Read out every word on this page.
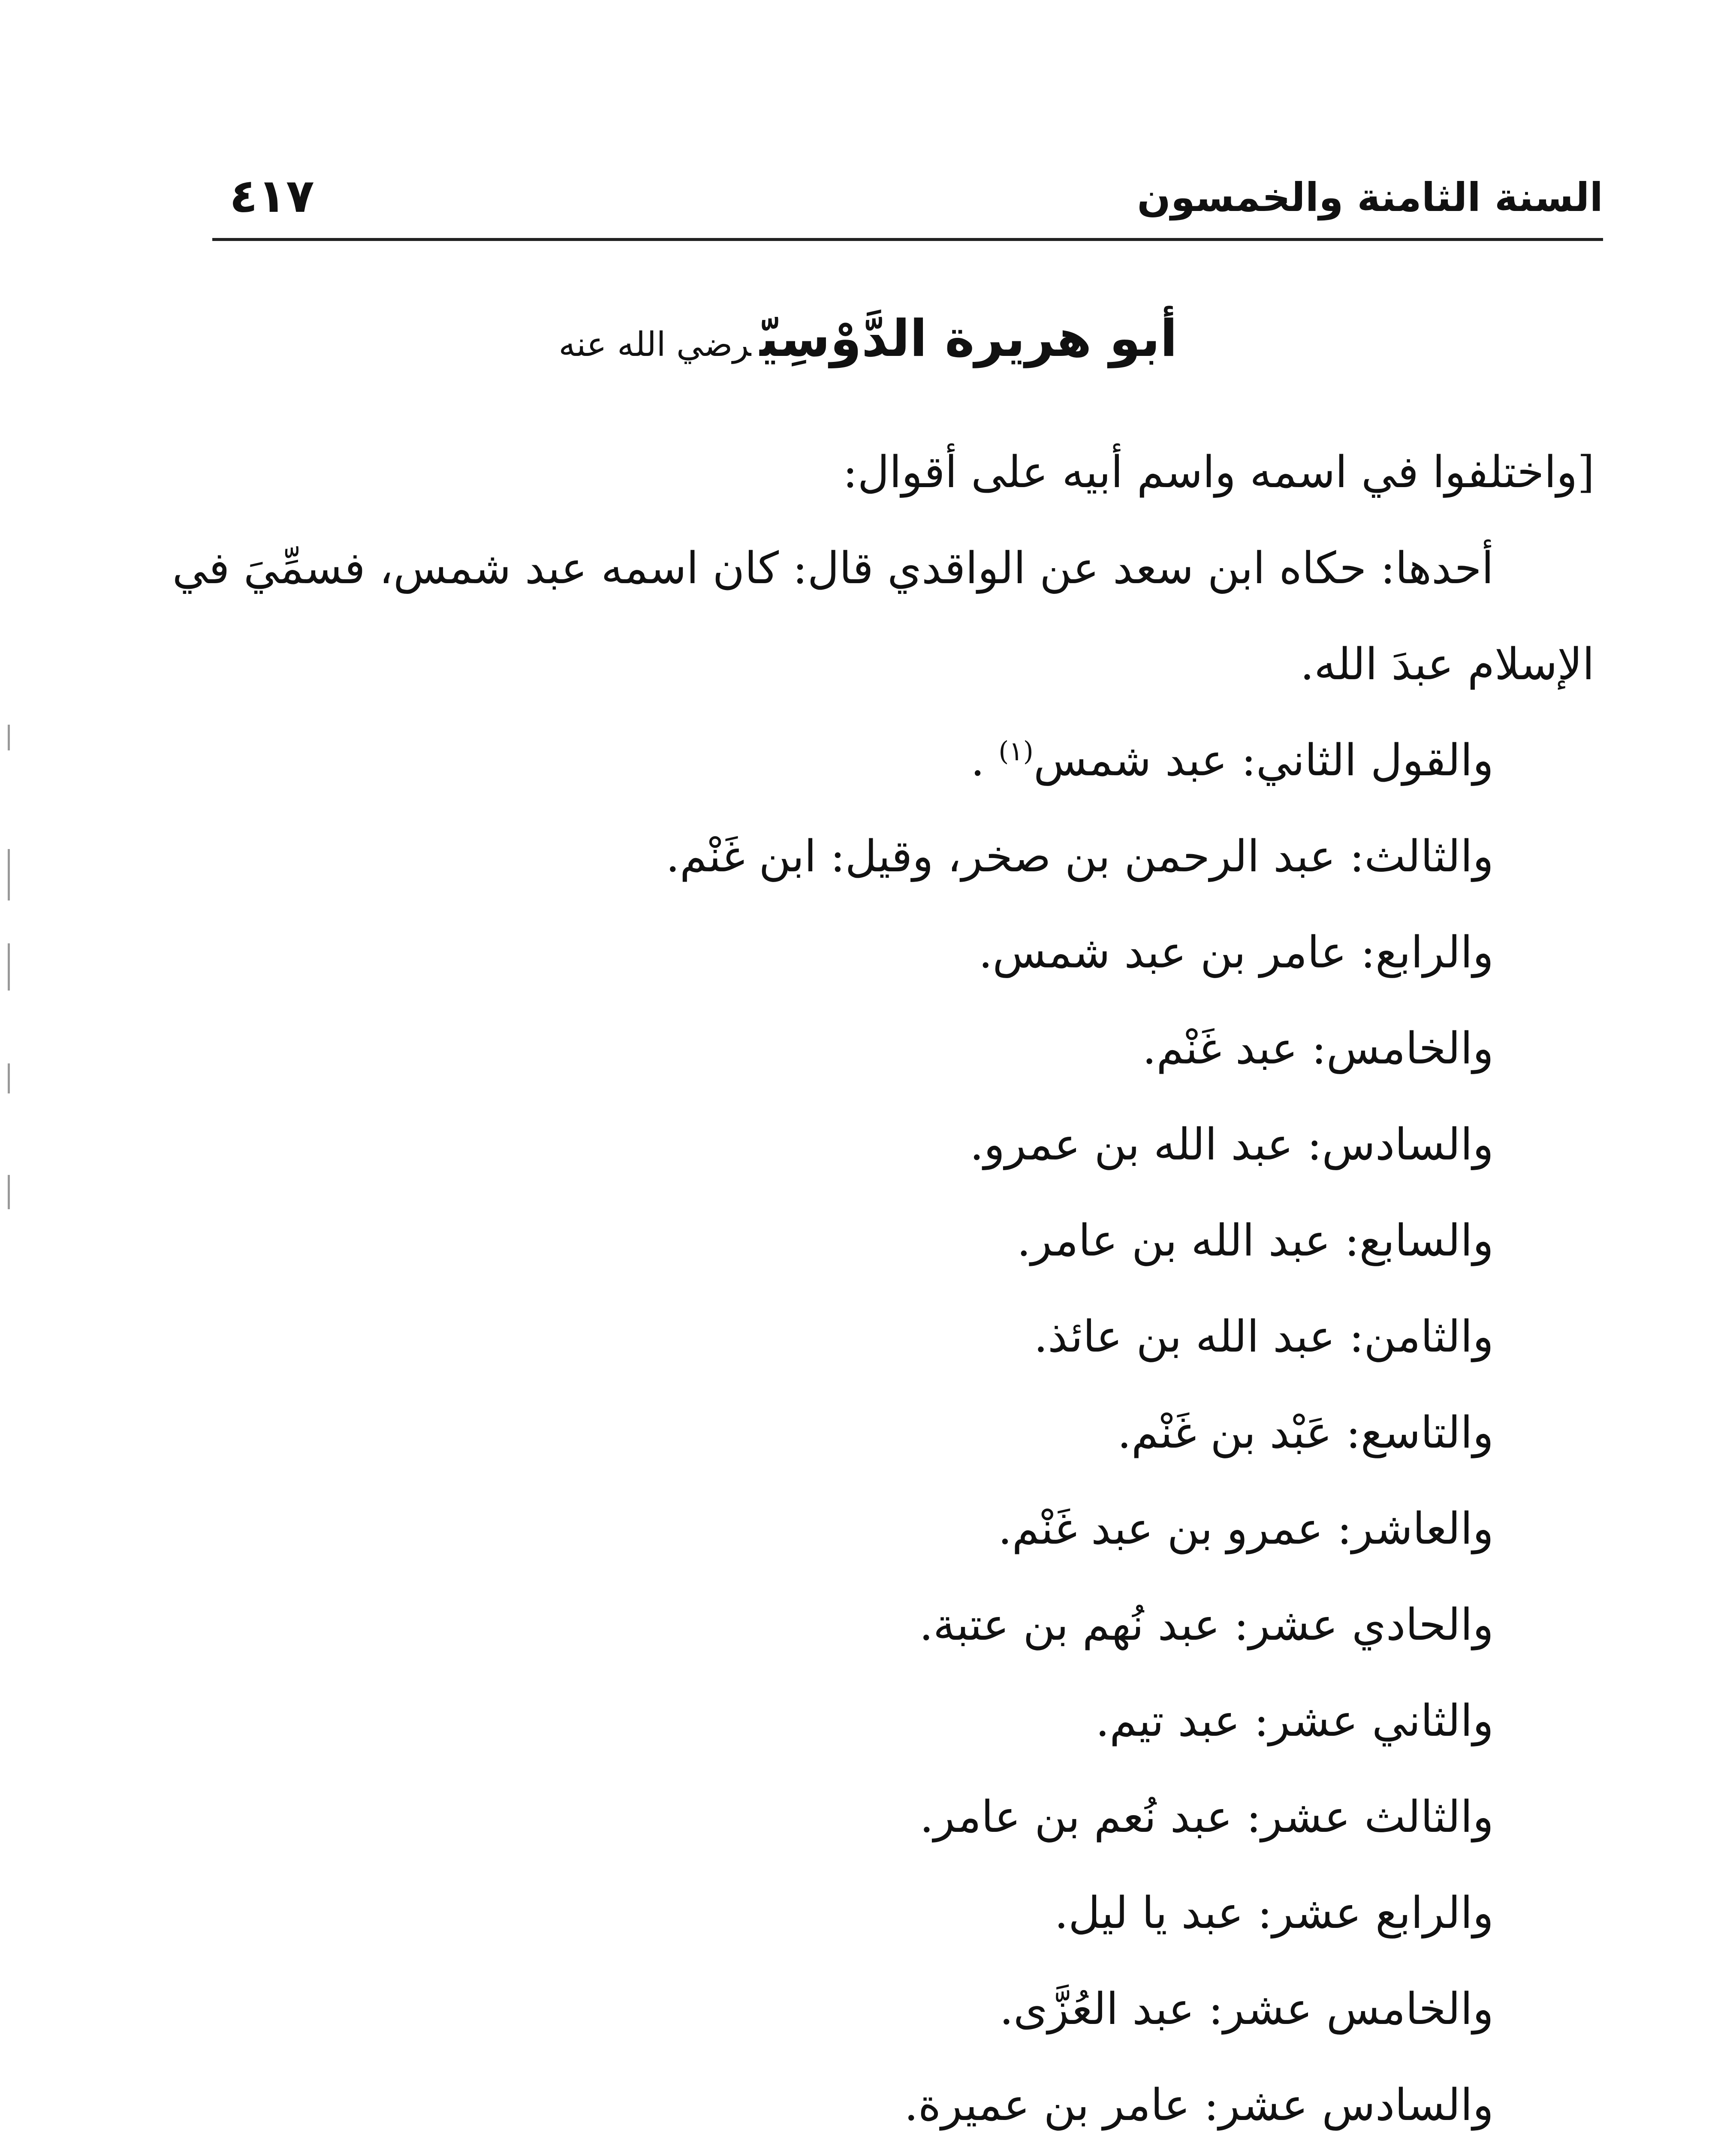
السنة الثامنة والخمسون
٤١٧
أبو هريرة الدَّوْسِيّرضي الله عنه
[واختلفوا في اسمه واسم أبيه على أقوال:
أحدها: حكاه ابن سعد عن الواقدي قال: كان اسمه عبد شمس، فسمِّيَ في
الإسلام عبدَ الله.
والقول الثاني: عبد شمس$^{(١)}$ .
والثالث: عبد الرحمن بن صخر، وقيل: ابن غَنْم.
والرابع: عامر بن عبد شمس.
والخامس: عبد غَنْم.
والسادس: عبد الله بن عمرو.
والسابع: عبد الله بن عامر.
والثامن: عبد الله بن عائذ.
والتاسع: عَبْد بن غَنْم.
والعاشر: عمرو بن عبد غَنْم.
والحادي عشر: عبد نُهم بن عتبة.
والثاني عشر: عبد تيم.
والثالث عشر: عبد نُعم بن عامر.
والرابع عشر: عبد يا ليل.
والخامس عشر: عبد العُزَّى.
والسادس عشر: عامر بن عميرة.
